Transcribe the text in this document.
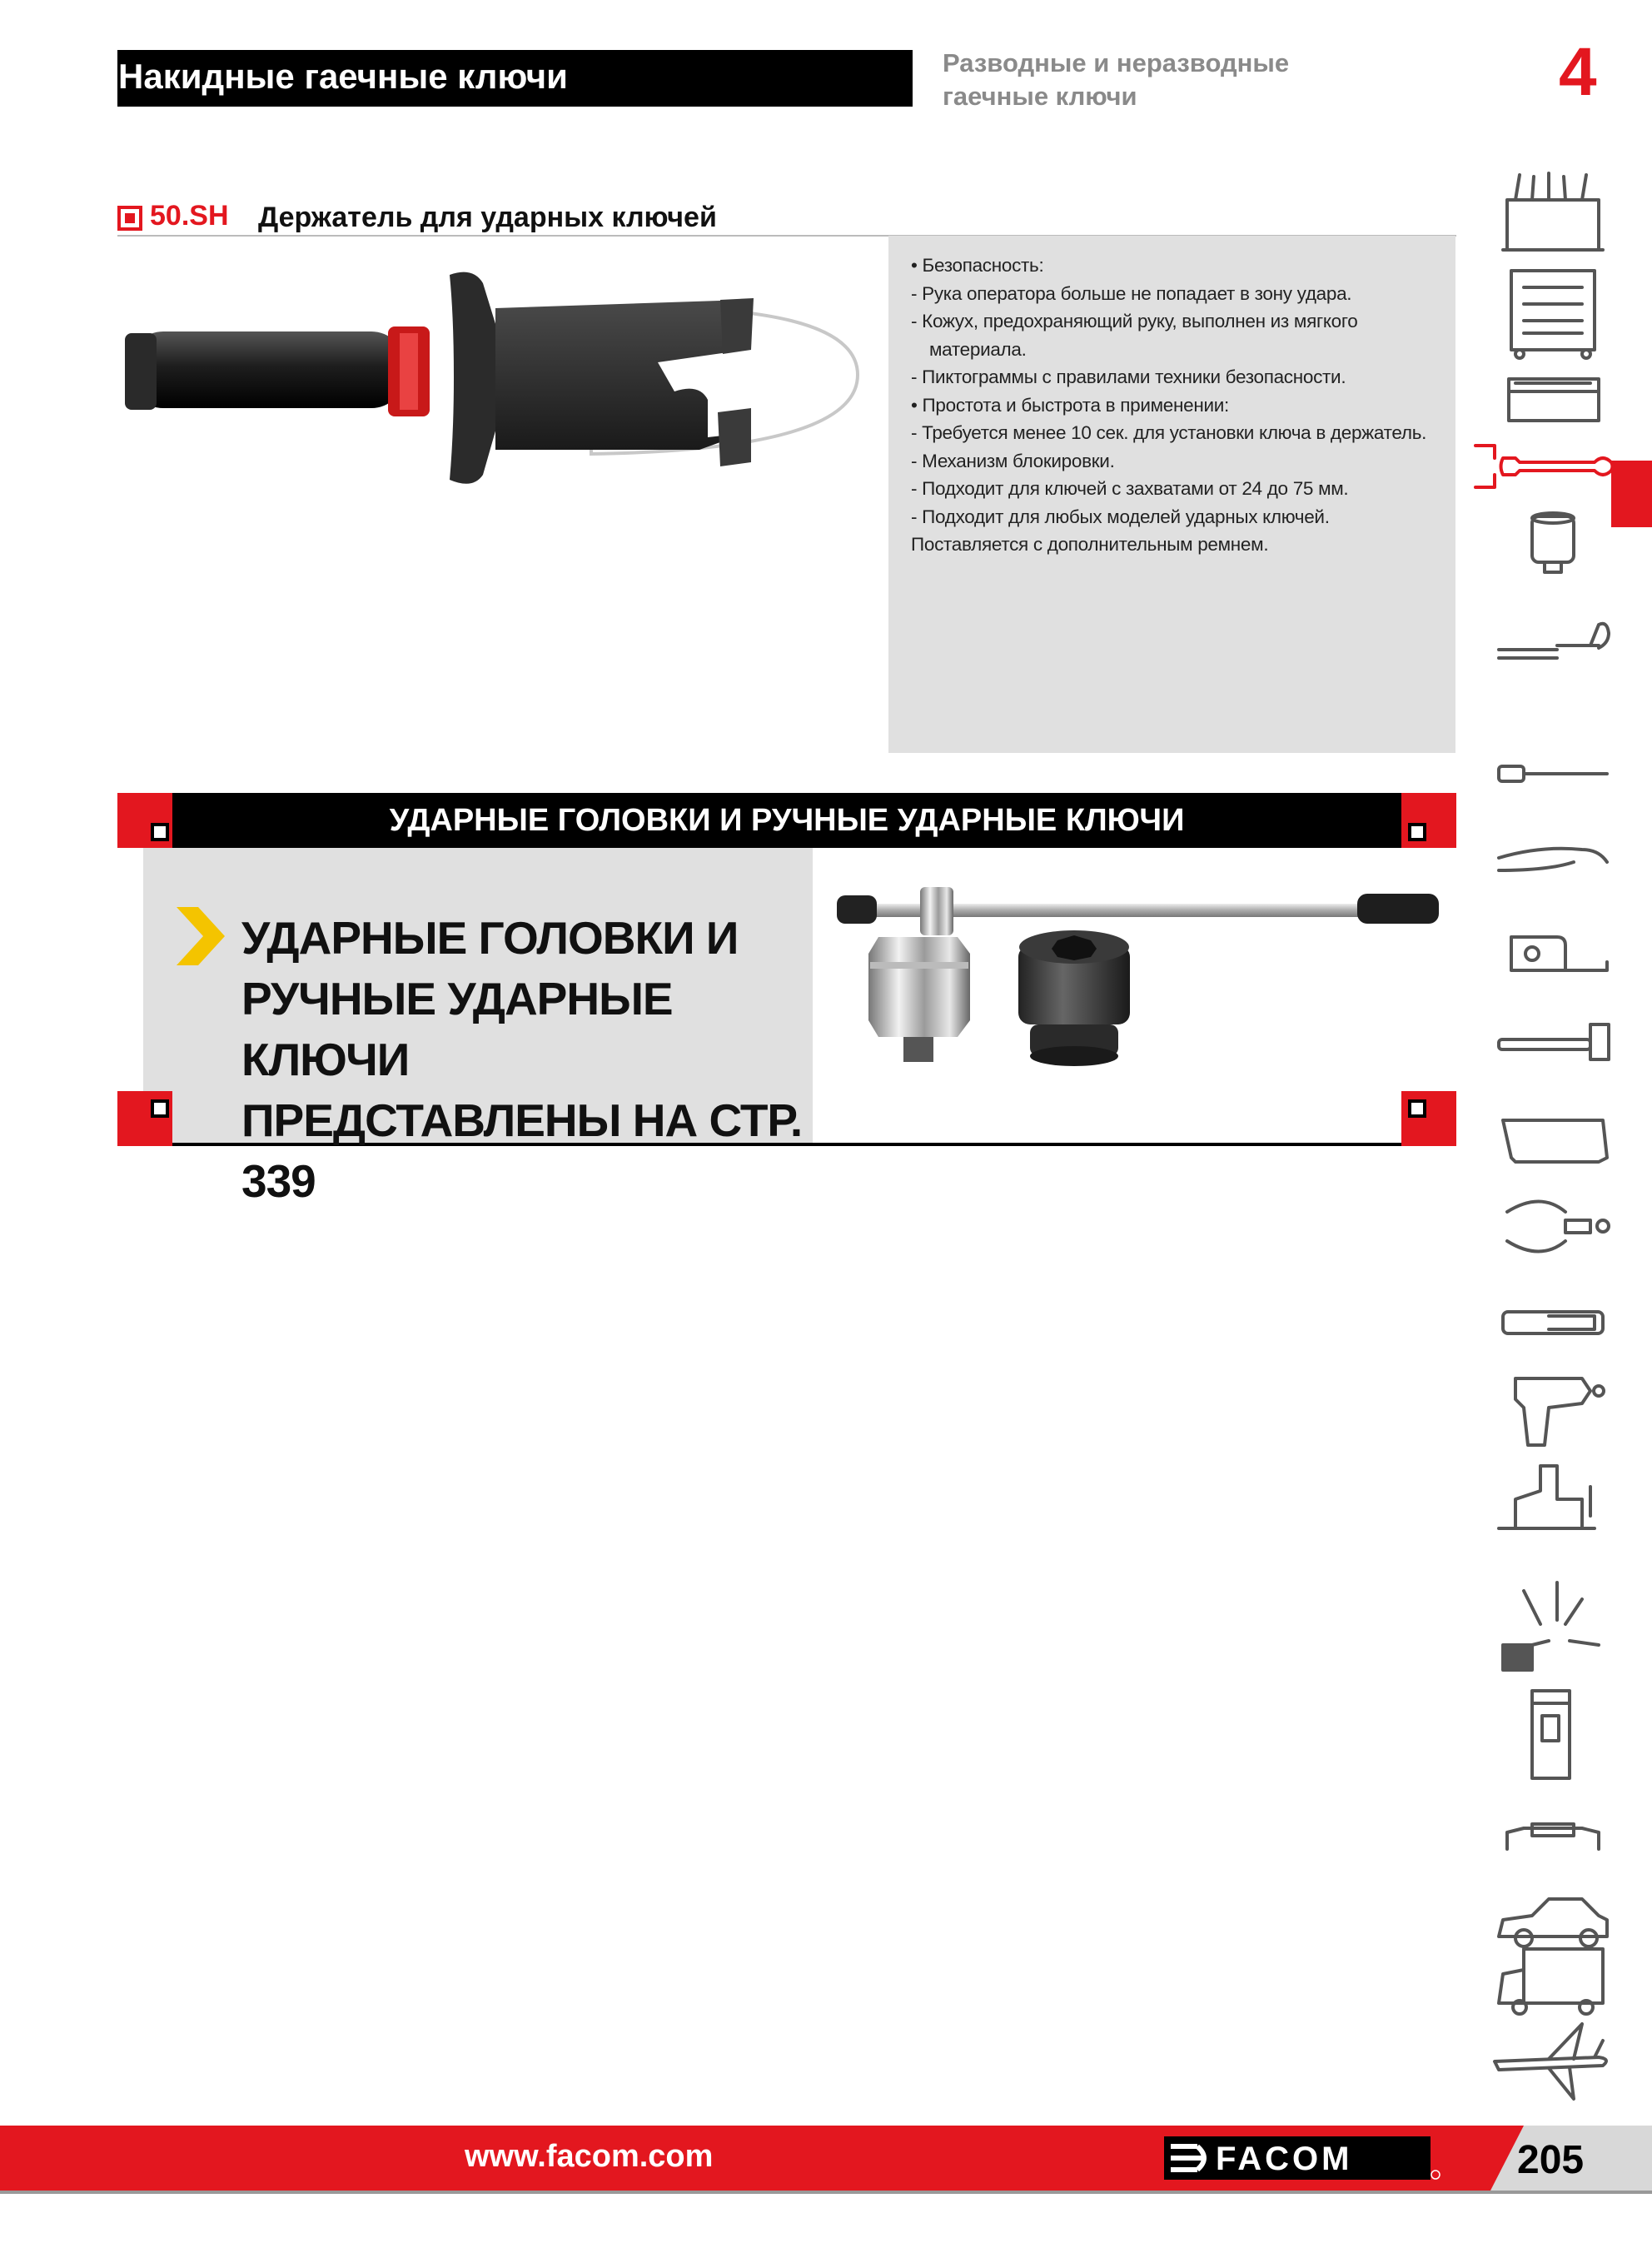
Накидные гаечные ключи	Разводные и неразводные
гаечные ключи	4
50.SH Держатель для ударных ключей
• Безопасность:
- Рука оператора больше не попадает в зону удара.
- Кожух, предохраняющий руку, выполнен из мягкого
материала.
- Пиктограммы с правилами техники безопасности.
• Простота и быстрота в применении:
- Требуется менее 10 сек. для установки ключа в держатель.
- Механизм блокировки.
- Подходит для ключей с захватами от 24 до 75 мм.
- Подходит для любых моделей ударных ключей.
Поставляется с дополнительным ремнем.
УДАРНЫЕ ГОЛОВКИ И РУЧНЫЕ УДАРНЫЕ КЛЮЧИ
УДАРНЫЕ ГОЛОВКИ И
РУЧНЫЕ УДАРНЫЕ КЛЮЧИ
ПРЕДСТАВЛЕНЫ НА СТР. 339
www.facom.com	FACOM	205
